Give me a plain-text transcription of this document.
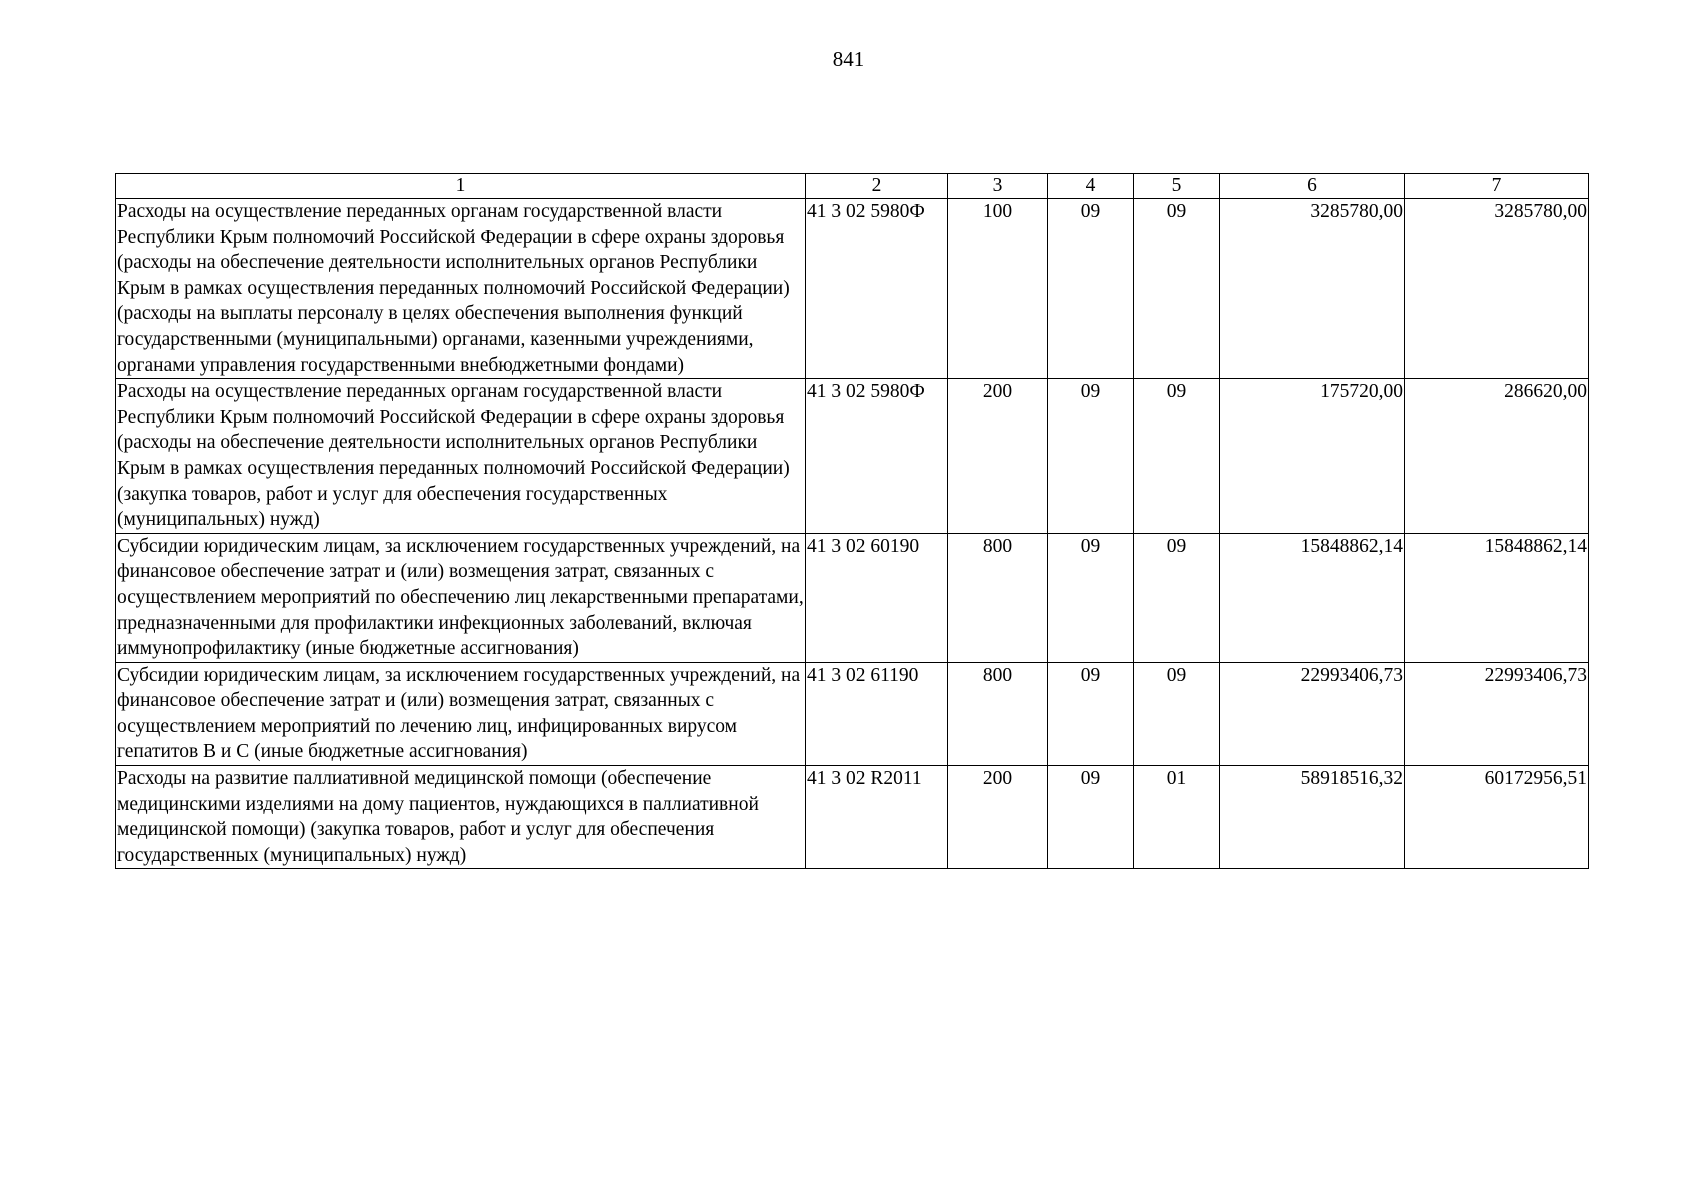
841
1	2	3	4	5	6	7
Расходы на осуществление переданных органам государственной власти Республики Крым полномочий Российской Федерации в сфере охраны здоровья (расходы на обеспечение деятельности исполнительных органов Республики Крым в рамках осуществления переданных полномочий Российской Федерации) (расходы на выплаты персоналу в целях обеспечения выполнения функций государственными (муниципальными) органами, казенными учреждениями, органами управления государственными внебюджетными фондами)	41 3 02 5980Ф	100	09	09	3285780,00	3285780,00
Расходы на осуществление переданных органам государственной власти Республики Крым полномочий Российской Федерации в сфере охраны здоровья (расходы на обеспечение деятельности исполнительных органов Республики Крым в рамках осуществления переданных полномочий Российской Федерации) (закупка товаров, работ и услуг для обеспечения государственных (муниципальных) нужд)	41 3 02 5980Ф	200	09	09	175720,00	286620,00
Субсидии юридическим лицам, за исключением государственных учреждений, на финансовое обеспечение затрат и (или) возмещения затрат, связанных с осуществлением мероприятий по обеспечению лиц лекарственными препаратами, предназначенными для профилактики инфекционных заболеваний, включая иммунопрофилактику (иные бюджетные ассигнования)	41 3 02 60190	800	09	09	15848862,14	15848862,14
Субсидии юридическим лицам, за исключением государственных учреждений, на финансовое обеспечение затрат и (или) возмещения затрат, связанных с осуществлением мероприятий по лечению лиц, инфицированных вирусом гепатитов В и С (иные бюджетные ассигнования)	41 3 02 61190	800	09	09	22993406,73	22993406,73
Расходы на развитие паллиативной медицинской помощи (обеспечение медицинскими изделиями на дому пациентов, нуждающихся в паллиативной медицинской помощи) (закупка товаров, работ и услуг для обеспечения государственных (муниципальных) нужд)	41 3 02 R2011	200	09	01	58918516,32	60172956,51
